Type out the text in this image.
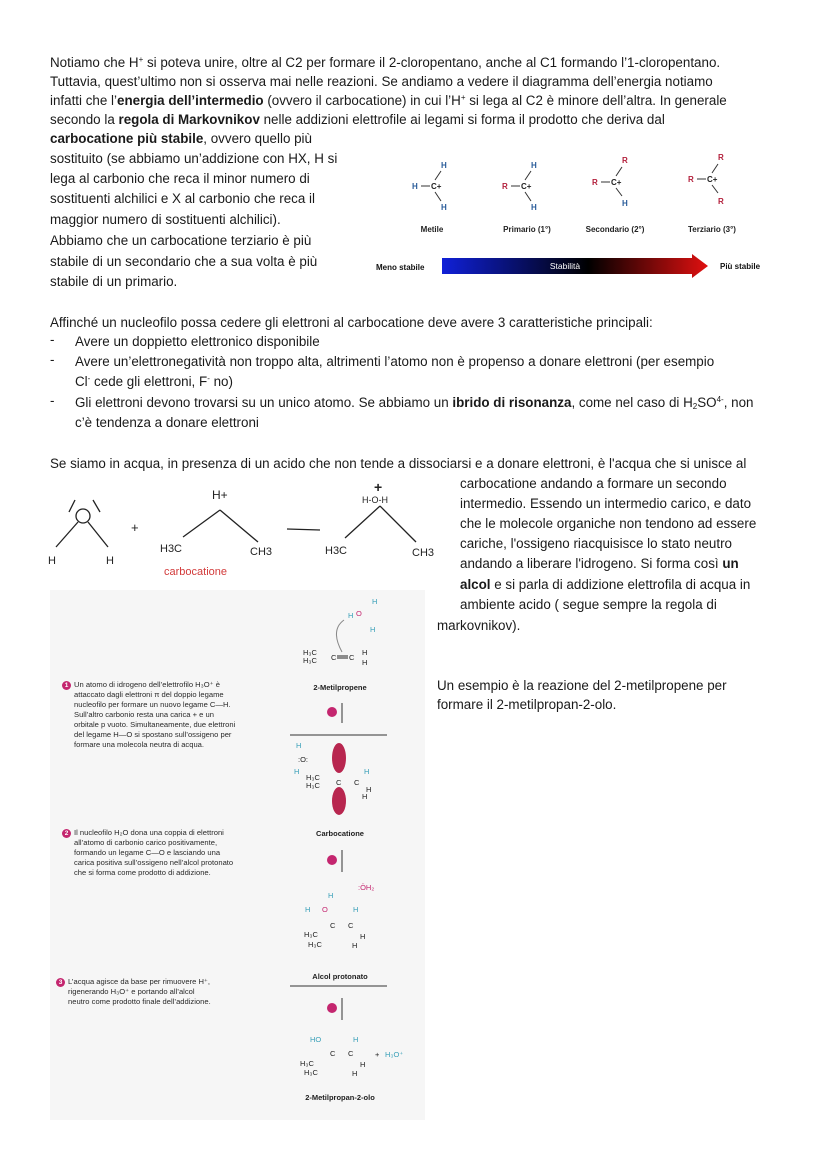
Notiamo che H+ si poteva unire, oltre al C2 per formare il 2-cloropentano, anche al C1 formando l’1-cloropentano.
Tuttavia, quest’ultimo non si osserva mai nelle reazioni. Se andiamo a vedere il diagramma dell’energia notiamo
infatti che l’energia dell’intermedio (ovvero il carbocatione) in cui l’H+ si lega al C2 è minore dell’altra. In generale
secondo la regola di Markovnikov nelle addizioni elettrofile ai legami si forma il prodotto che deriva dal
carbocatione più stabile, ovvero quello più
sostituito (se abbiamo un’addizione con HX, H si
lega al carbonio che reca il minor numero di
sostituenti alchilici e X al carbonio che reca il
maggior numero di sostituenti alchilici).
Abbiamo che un carbocatione terziario è più
stabile di un secondario che a sua volta è più
stabile di un primario.
H C+
H
H
R C+
H
H
R C+
R
H
R C+
R
R
Metile	Primario (1°)	Secondario (2°)	Terziario (3°)
Meno stabile	Più stabile
Stabilità
Affinché un nucleofilo possa cedere gli elettroni al carbocatione deve avere 3 caratteristiche principali:
- Avere un doppietto elettronico disponibile
- Avere un’elettronegatività non troppo alta, altrimenti l’atomo non è propenso a donare elettroni (per esempio
Cl- cede gli elettroni, F- no)
- Gli elettroni devono trovarsi su un unico atomo. Se abbiamo un ibrido di risonanza, come nel caso di $H_2SO^{4-}$, non
c’è tendenza a donare elettroni
Se siamo in acqua, in presenza di un acido che non tende a dissociarsi e a donare elettroni, è l'acqua che si unisce al
carbocatione andando a formare un secondo
intermedio. Essendo un intermedio carico, e dato
che le molecole organiche non tendono ad essere
cariche, l'ossigeno riacquisisce lo stato neutro
andando a liberare l'idrogeno. Si forma così un
alcol e si parla di addizione elettrofila di acqua in
ambiente acido ( segue sempre la regola di
markovnikov).
Un esempio è la reazione del 2-metilpropene per
formare il 2-metilpropan-2-olo.
H	H
+
H+
H3C	CH3
carbocatione
H-O-H
+
H3C	CH3
1 Un atomo di idrogeno dell’elettrofilo H₃O⁺ è
attaccato dagli elettroni π del doppio legame
nucleofilo per formare un nuovo legame C—H.
Sull’altro carbonio resta una carica + e un
orbitale p vuoto. Simultaneamente, due elettroni
del legame H—O si spostano sull’ossigeno per
formare una molecola neutra di acqua.
2 Il nucleofilo H₂O dona una coppia di elettroni
all’atomo di carbonio carico positivamente,
formando un legame C—O e lasciando una
carica positiva sull’ossigeno nell’alcol protonato
che si forma come prodotto di addizione.
3 L’acqua agisce da base per rimuovere H⁺,
rigenerando H₃O⁺ e portando all’alcol
neutro come prodotto finale dell’addizione.
H O
H
H
H₃C
H₃C C C
H
H
2-Metilpropene
H
:O:
H
H₃C
H₃C C C
H
H
H
Carbocatione
:ÖH₂
H
H O
C C
H
H₃C
H₃C
H
H
Alcol protonato
HO	H
C C
H₃C
H₃C
H
H
+ H₃O⁺
2-Metilpropan-2-olo
